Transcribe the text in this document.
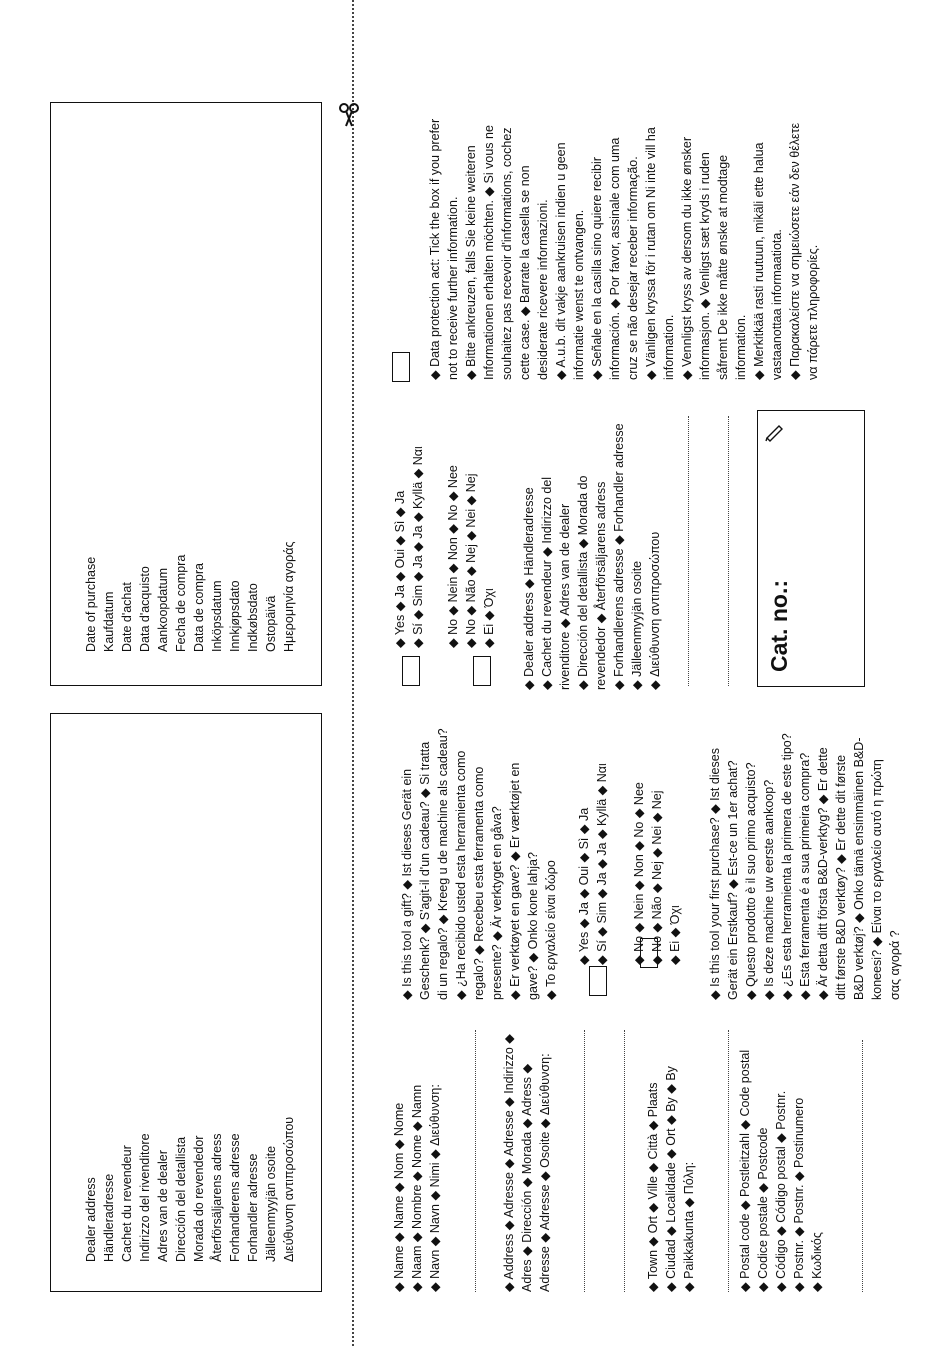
Dealer address
Händleradresse
Cachet du revendeur
Indirizzo del rivenditore
Adres van de dealer
Dirección del detallista
Morada do revendedor
Återförsäljarens adress
Forhandlerens adresse
Forhandler adresse
Jälleenmyyjän osoite
Διεύθυνση αντιπροσώπου
Date of purchase
Kaufdatum
Date d'achat
Data d'acquisto
Aankoopdatum
Fecha de compra
Data de compra
Inköpsdatum
Innkjøpsdato
Indkøbsdato
Ostopäivä
Ημερομηνία αγοράς
◆ Name ◆ Name ◆ Nom ◆ Nome
◆ Naam ◆ Nombre ◆ Nome ◆ Namn
◆ Navn ◆ Navn ◆ Nimi ◆ Διεύθυνση:
◆ Address ◆ Adresse ◆ Adresse ◆ Indirizzo ◆
Adres ◆ Dirección ◆ Morada ◆ Adress ◆
Adresse ◆ Adresse ◆ Osoite ◆ Διεύθυνση:
◆ Town ◆ Ort ◆ Ville ◆ Città ◆ Plaats
◆ Ciudad ◆ Localidade ◆ Ort ◆ By ◆ By
◆ Paikkakunta ◆ Πόλη:
◆ Postal code ◆ Postleitzahl ◆ Code postal
◆ Codice postale ◆ Postcode
◆ Código ◆ Código postal ◆ Postnr.
◆ Postnr. ◆ Postnr. ◆ Postinumero
◆ Κωδικός
◆ Is this tool a gift? ◆ Ist dieses Gerät ein
Geschenk? ◆ S'agit-il d'un cadeau? ◆ Si tratta
di un regalo? ◆ Kreeg u de machine als cadeau?
◆ ¿Ha recibido usted esta herramienta como
regalo? ◆ Recebeu esta ferramenta como
presente? ◆ Är verktyget en gåva?
◆ Er verktøyet en gave? ◆ Er værktøjet en
gave? ◆ Onko kone lahja?
◆ Το εργαλείο είναι δώρο
◆ Yes ◆ Ja ◆ Oui ◆ Sì ◆ Ja
◆ Sí ◆ Sim ◆ Ja ◆ Ja ◆ Kyllä ◆ Ναι
◆ No ◆ Nein ◆ Non ◆ No ◆ Nee
◆ No ◆ Não ◆ Nej ◆ Nei ◆ Nej
◆ Ei ◆ Όχι
◆ Is this tool your first purchase? ◆ Ist dieses
Gerät ein Erstkauf? ◆ Est-ce un 1er achat?
◆ Questo prodotto è il suo primo acquisto?
◆ Is deze machine uw eerste aankoop?
◆ ¿Es esta herramienta la primera de este tipo?
◆ Esta ferramenta é a sua primeira compra?
◆ Är detta ditt första B&D-verktyg? ◆ Er dette
ditt første B&D verktøy? ◆ Er dette dit første
B&D verktøj? ◆ Onko tämä ensimmäinen B&D-
koneesi? ◆ Είναι το εργαλείο αυτό η πρώτη
σας αγορά ?
◆ Yes ◆ Ja ◆ Oui ◆ Sì ◆ Ja
◆ Sí ◆ Sim ◆ Ja ◆ Ja ◆ Kyllä ◆ Ναι
◆ No ◆ Nein ◆ Non ◆ No ◆ Nee
◆ No ◆ Não ◆ Nej ◆ Nei ◆ Nej
◆ Ei ◆ Όχι
◆ Dealer address ◆ Händleradresse
◆ Cachet du revendeur ◆ Indirizzo del
rivenditore ◆ Adres van de dealer
◆ Dirección del detallista ◆ Morada do
revendedor ◆ Återförsäljarens adress
◆ Forhandlerens adresse ◆ Forhandler adresse
◆ Jälleenmyyjän osoite
◆ Διεύθυνση αντιπροσώπου
Cat. no.:
◆ Data protection act: Tick the box if you prefer
not to receive further information.
◆ Bitte ankreuzen, falls Sie keine weiteren
Informationen erhalten möchten. ◆ Si vous ne
souhaitez pas recevoir d'informations, cochez
cette case. ◆ Barrate la casella se non
desiderate ricevere informazioni.
◆ A.u.b. dit vakje aankruisen indien u geen
informatie wenst te ontvangen.
◆ Señale en la casilla sino quiere recibir
información. ◆ Por favor, assinale com uma
cruz se não desejar receber informação.
◆ Vänligen kryssa för i rutan om Ni inte vill ha
information.
◆ Vennligst kryss av dersom du ikke ønsker
informasjon. ◆ Venligst sæt kryds i ruden
såfremt De ikke måtte ønske at modtage
information.
◆ Merkitkää rasti ruutuun, mikäli ette halua
vastaanottaa informaatiota.
◆ Παρακαλείστε να σημειώσετε εάν δεν θέλετε
να πάρετε πληροφορίες.
